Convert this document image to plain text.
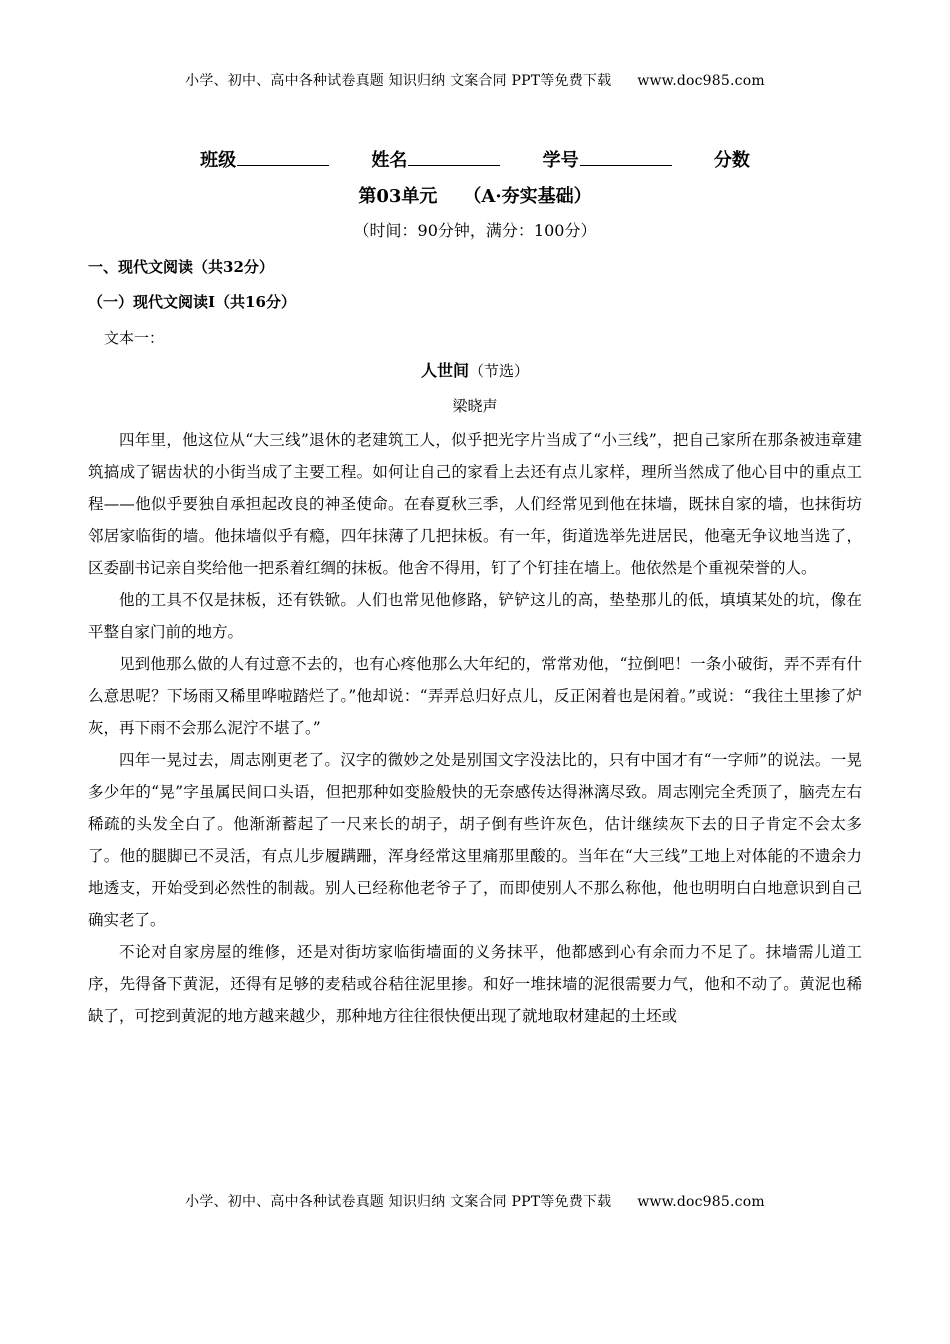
小学、初中、高中各种试卷真题 知识归纳 文案合同 PPT等免费下载 www.doc985.com
班级	姓名	学号	分数
第03单元 （A·夯实基础）
（时间：90分钟，满分：100分）
一、现代文阅读（共32分）
（一）现代文阅读Ⅰ（共16分）
文本一：
人世间（节选）
梁晓声

四年里，他这位从“大三线”退休的老建筑工人，似乎把光字片当成了“小三线”，把自己家所在那条被违章建筑搞成了锯齿状的小街当成了主要工程。如何让自己的家看上去还有点儿家样，理所当然成了他心目中的重点工程——他似乎要独自承担起改良的神圣使命。在春夏秋三季，人们经常见到他在抹墙，既抹自家的墙，也抹街坊邻居家临街的墙。他抹墙似乎有瘾，四年抹薄了几把抹板。有一年，街道选举先进居民，他毫无争议地当选了，区委副书记亲自奖给他一把系着红绸的抹板。他舍不得用，钉了个钉挂在墙上。他依然是个重视荣誉的人。

他的工具不仅是抹板，还有铁锨。人们也常见他修路，铲铲这儿的高，垫垫那儿的低，填填某处的坑，像在平整自家门前的地方。

见到他那么做的人有过意不去的，也有心疼他那么大年纪的，常常劝他，“拉倒吧！一条小破街，弄不弄有什么意思呢？下场雨又稀里哗啦踏烂了。”他却说：“弄弄总归好点儿，反正闲着也是闲着。”或说：“我往土里掺了炉灰，再下雨不会那么泥泞不堪了。”

四年一晃过去，周志刚更老了。汉字的微妙之处是别国文字没法比的，只有中国才有“一字师”的说法。一晃多少年的“晃”字虽属民间口头语，但把那种如变脸般快的无奈感传达得淋漓尽致。周志刚完全秃顶了，脑壳左右稀疏的头发全白了。他渐渐蓄起了一尺来长的胡子，胡子倒有些许灰色，估计继续灰下去的日子肯定不会太多了。他的腿脚已不灵活，有点儿步履蹒跚，浑身经常这里痛那里酸的。当年在“大三线”工地上对体能的不遗余力地透支，开始受到必然性的制裁。别人已经称他老爷子了，而即使别人不那么称他，他也明明白白地意识到自己确实老了。

不论对自家房屋的维修，还是对街坊家临街墙面的义务抹平，他都感到心有余而力不足了。抹墙需儿道工序，先得备下黄泥，还得有足够的麦秸或谷秸往泥里掺。和好一堆抹墙的泥很需要力气，他和不动了。黄泥也稀缺了，可挖到黄泥的地方越来越少，那种地方往往很快便出现了就地取材建起的土坯或

小学、初中、高中各种试卷真题 知识归纳 文案合同 PPT等免费下载 www.doc985.com
